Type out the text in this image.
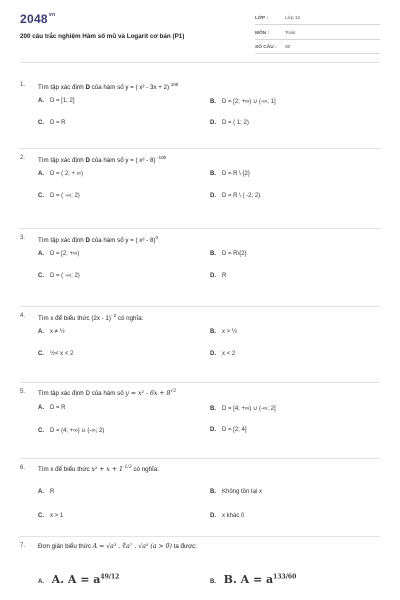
$2048^{vn}$
200 câu trắc nghiệm Hàm số mũ và Logarit cơ bản (P1)
LỚP :	Lớp 12
MÔN :	Toán
SỐ CÂU : 30
1. Tìm tập xác định D của hàm số y = ( x² - 3x + 2) $^{100}$
A. D = [1; 2]	B. D = [2; +∞) ∪ (-∞; 1]
C. D = R	D. D = ( 1; 2)
2. Tìm tập xác định D của hàm số y = ( x³ - 8) $^{-100}$
A. D = ( 2; + ∞)	B. D = R \ {2}
C. D = ( -∞; 2)	D. D = R \ ( -2; 2)
3. Tìm tập xác định D của hàm số y = ( x³ - 8)$^0$
A. D = [2; +∞)	B. D = R\{2}
C. D = ( -∞; 2)	D. R
4. Tìm x để biểu thức (2x - 1)$^{- 2}$ có nghĩa:
A. x ≠ ½	B. x > ½
C. ½< x < 2	D. x < 2
5. Tìm tập xác định D của hàm số $y = x^2 - 6x + 8^{√2}$
A. D = R	B. D = [4; +∞) ∪ (-∞; 2]
C. D = (4; +∞) ∪ (-∞; 2)	D. D = [2; 4]
6. Tìm x để biểu thức $x^2 + x + 1^{-1/3}$ có nghĩa:
A. R	B. Không tồn tại x
C. x > 1	D. x khác 0
7. Đơn giản biểu thức A = √a³ . ∜a⁷ . √a⁵ (a > 0) ta được:
A. A. $A = a^{49/12}$
B. B. $A = a^{133/60}$
